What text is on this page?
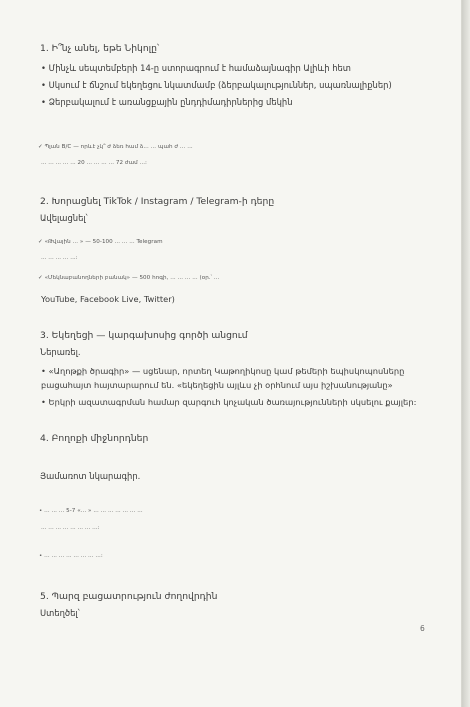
1. Ի՞նչ անել, եթե Նիկոլը՝
• Մինչև սեպտեմբերի 14-ը ստորագրում է համաձայնագիր Ալիևի հետ
• Սկսում է ճնշում եկեղեցու նկատմամբ (ձերբակալություններ, սպառնալիքներ)
• Ձերբակալում է առանցքային ընդդիմադիրներից մեկին
✓ Պլան B/C — որևէ չկ՞ ժ ձեռ համ ձ... ... պահ ժ ... ...
... ... ... ... ... 20 ... ... ... ... 72 ժամ ...:
2. Խորացնել TikTok / Instagram / Telegram-ի դերը
Ավելացնել՝
✓ «Թվային ... » — 50-100 ... ... ... Telegram
... ... ... ... ...:
✓ «Մեկնաբանողների բանակ» — 500 հոգի, ... ... ... ... (օր.՝ ...
YouTube, Facebook Live, Twitter)
3. Եկեղեցի — կարգախոսից գործի անցում
Ներառել.
• «Աղոթքի ծրագիր» — սցենար, որտեղ Կաթողիկոսը կամ թեմերի եպիսկոպոսները
բացահայտ հայտարարում են. «եկեղեցին այլևս չի օրհնում այս իշխանությանը»
• Երկրի ազատագրման համար զարգուհ կոչական ծառայությունների սկսելու քայլեր:
4. Բողոքի միջնորդներ
Յամառոտ նկարագիր.
• ... ... ... 5-7 «... » ... ... ... ... ... ... ...
... ... ... ... ... ... ... ...:
• ... ... ... ... ... ... ... ...:
5. Պարզ բացատրություն ժողովրդին
Ստեղծել՝
6
